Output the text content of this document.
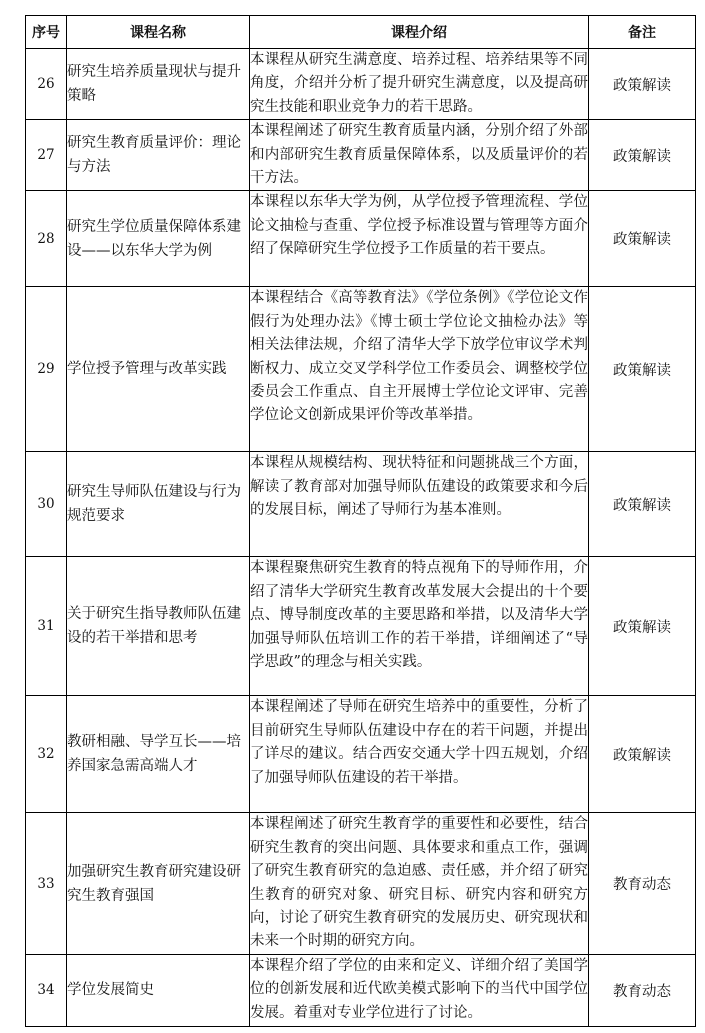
序号	课程名称	课程介绍	备注
26	研究生培养质量现状与提升策略	本课程从研究生满意度、培养过程、培养结果等不同角度，介绍并分析了提升研究生满意度，以及提高研究生技能和职业竞争力的若干思路。	政策解读
27	研究生教育质量评价：理论与方法	本课程阐述了研究生教育质量内涵，分别介绍了外部和内部研究生教育质量保障体系，以及质量评价的若干方法。	政策解读
28	研究生学位质量保障体系建设——以东华大学为例	本课程以东华大学为例，从学位授予管理流程、学位论文抽检与查重、学位授予标准设置与管理等方面介绍了保障研究生学位授予工作质量的若干要点。	政策解读
29	学位授予管理与改革实践	本课程结合《高等教育法》《学位条例》《学位论文作假行为处理办法》《博士硕士学位论文抽检办法》等相关法律法规，介绍了清华大学下放学位审议学术判断权力、成立交叉学科学位工作委员会、调整校学位委员会工作重点、自主开展博士学位论文评审、完善学位论文创新成果评价等改革举措。	政策解读
30	研究生导师队伍建设与行为规范要求	本课程从规模结构、现状特征和问题挑战三个方面，解读了教育部对加强导师队伍建设的政策要求和今后的发展目标，阐述了导师行为基本准则。	政策解读
31	关于研究生指导教师队伍建设的若干举措和思考	本课程聚焦研究生教育的特点视角下的导师作用，介绍了清华大学研究生教育改革发展大会提出的十个要点、博导制度改革的主要思路和举措，以及清华大学加强导师队伍培训工作的若干举措，详细阐述了“导学思政”的理念与相关实践。	政策解读
32	教研相融、导学互长——培养国家急需高端人才	本课程阐述了导师在研究生培养中的重要性，分析了目前研究生导师队伍建设中存在的若干问题，并提出了详尽的建议。结合西安交通大学十四五规划，介绍了加强导师队伍建设的若干举措。	政策解读
33	加强研究生教育研究建设研究生教育强国	本课程阐述了研究生教育学的重要性和必要性，结合研究生教育的突出问题、具体要求和重点工作，强调了研究生教育研究的急迫感、责任感，并介绍了研究生教育的研究对象、研究目标、研究内容和研究方向，讨论了研究生教育研究的发展历史、研究现状和未来一个时期的研究方向。	教育动态
34	学位发展简史	本课程介绍了学位的由来和定义、详细介绍了美国学位的创新发展和近代欧美模式影响下的当代中国学位发展。着重对专业学位进行了讨论。	教育动态
